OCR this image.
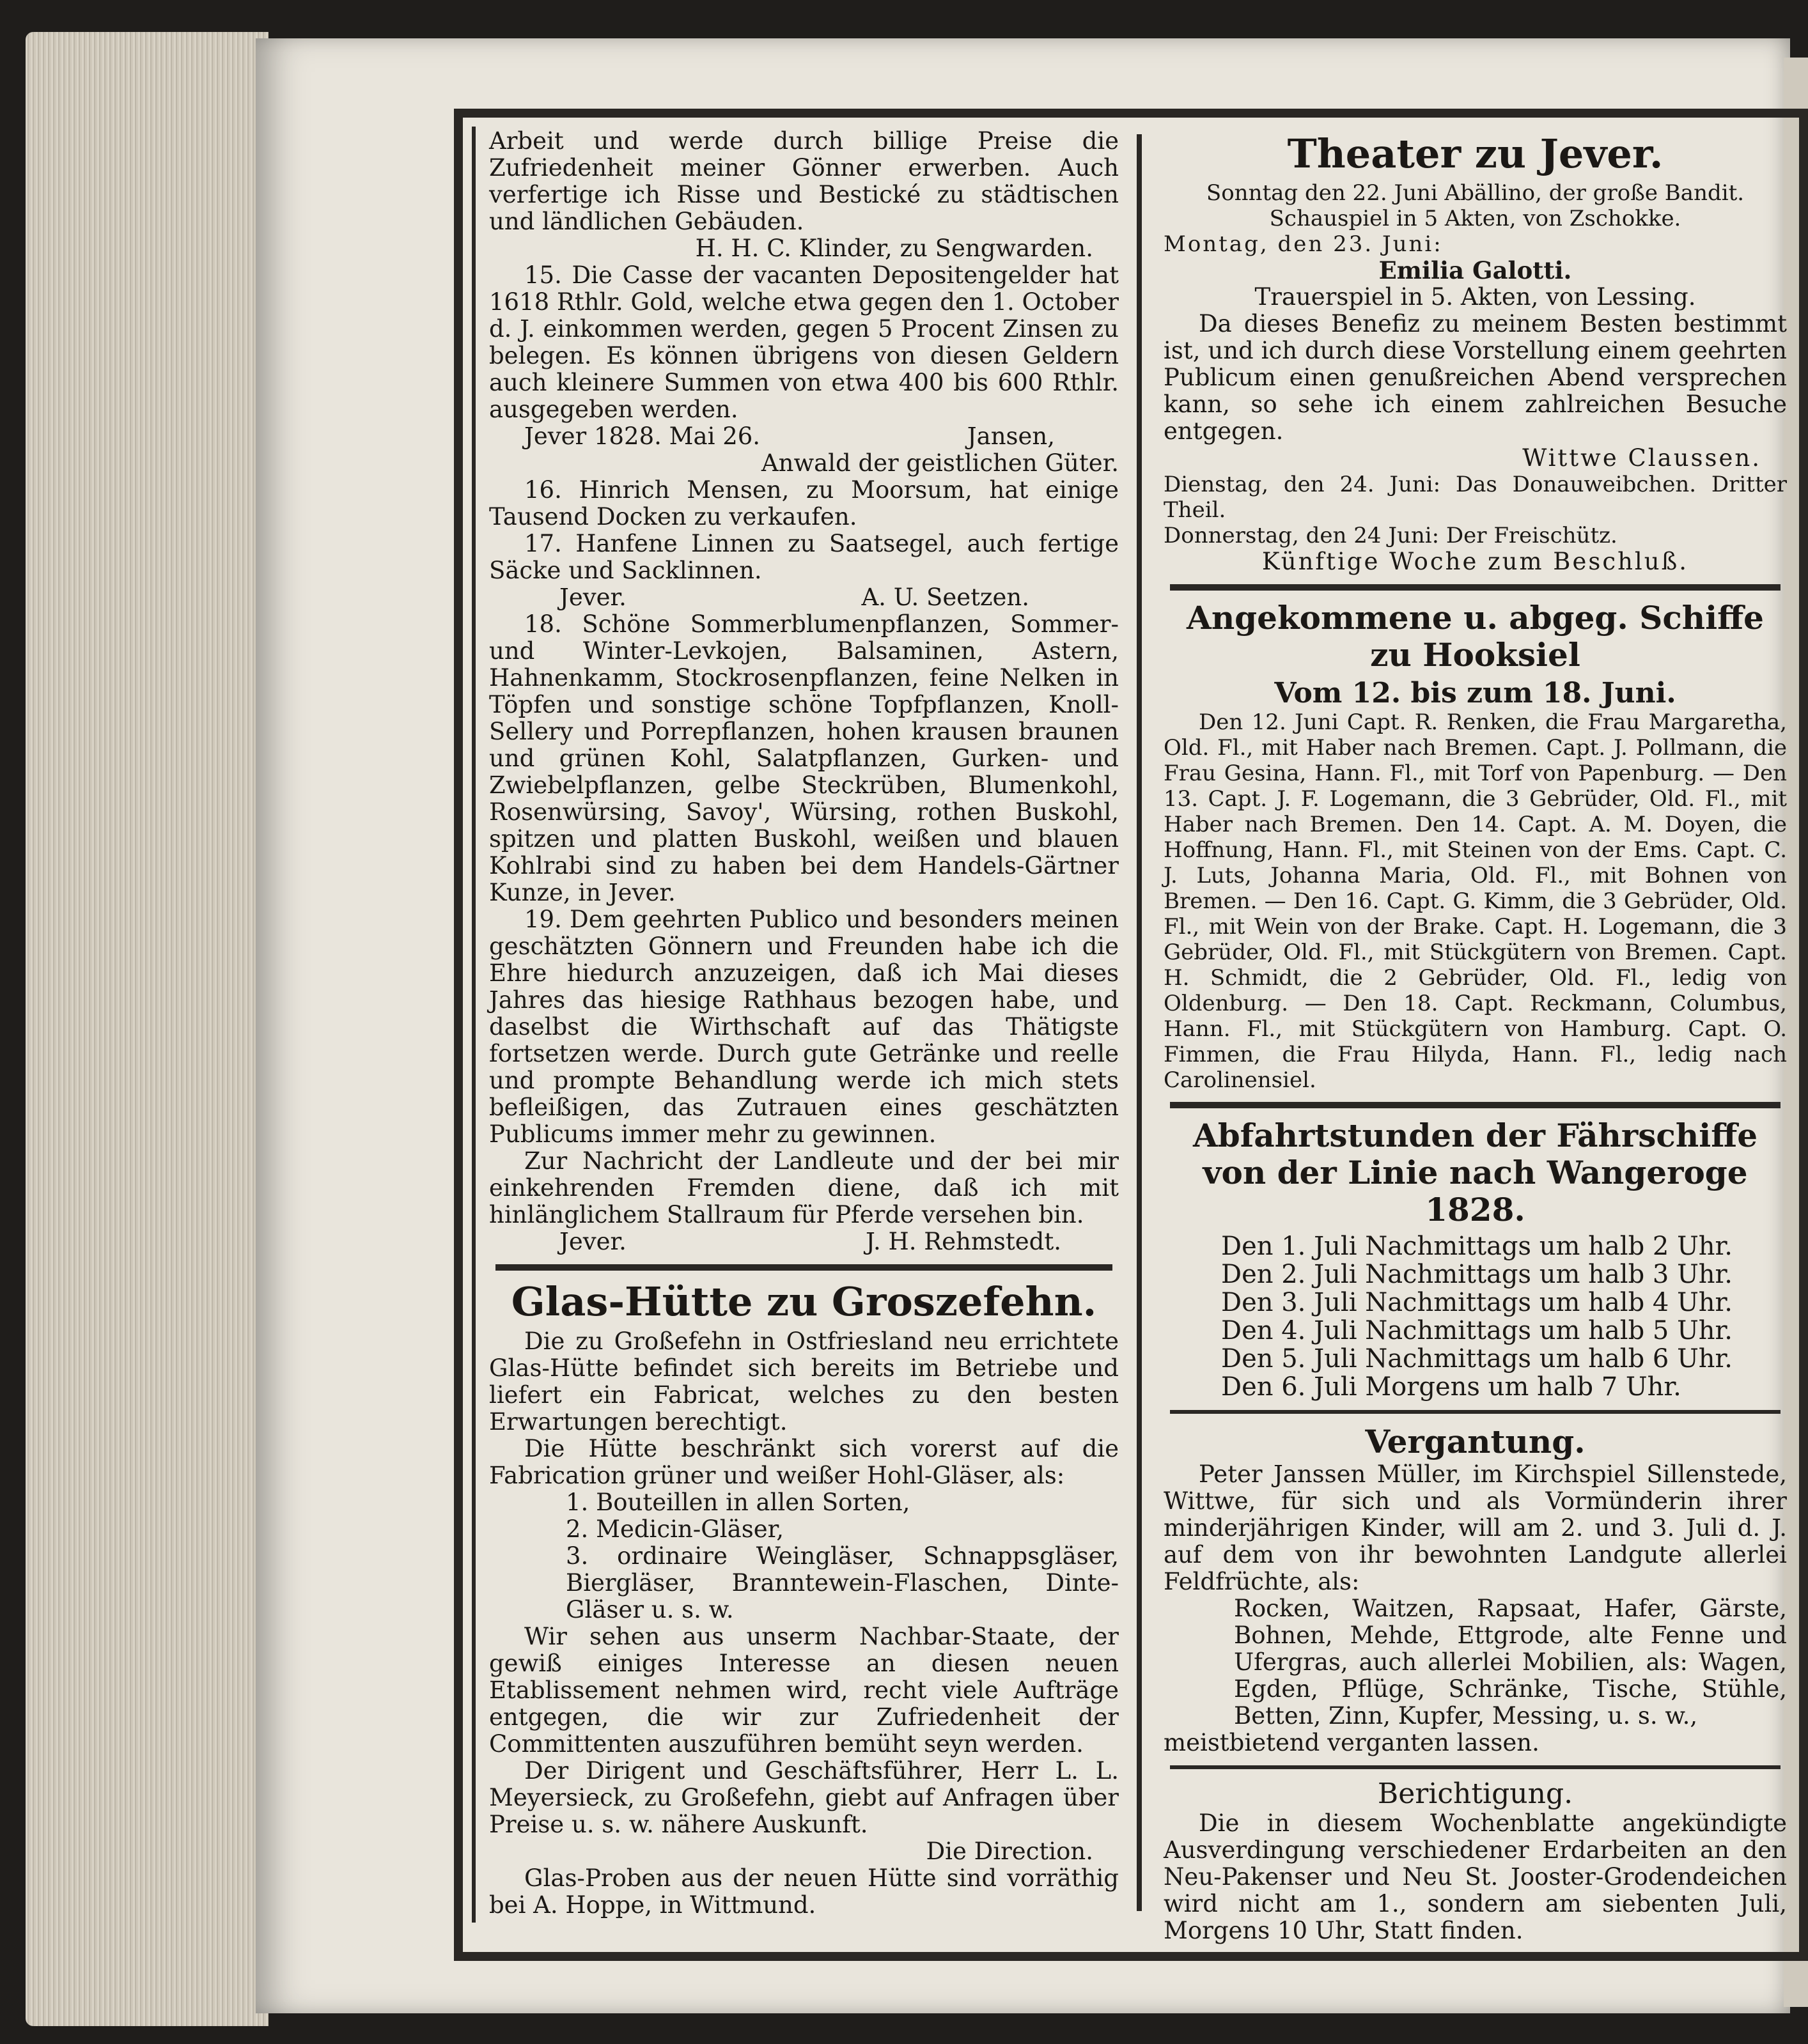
Arbeit und werde durch billige Preise die Zufriedenheit meiner Gönner erwerben. Auch verfertige ich Risse und Bestické zu städtischen und ländlichen Gebäuden.

H. H. C. Klinder, zu Sengwarden.

15. Die Casse der vacanten Depositengelder hat 1618 Rthlr. Gold, welche etwa gegen den 1. October d. J. einkommen werden, gegen 5 Procent Zinsen zu belegen. Es können übrigens von diesen Geldern auch kleinere Summen von etwa 400 bis 600 Rthlr. ausgegeben werden.

Jever 1828. Mai 26.	Jansen,

Anwald der geistlichen Güter.

16. Hinrich Mensen, zu Moorsum, hat einige Tausend Docken zu verkaufen.

17. Hanfene Linnen zu Saatsegel, auch fertige Säcke und Sacklinnen.

Jever.	A. U. Seetzen.

18. Schöne Sommerblumenpflanzen, Sommer- und Winter-Levkojen, Balsaminen, Astern, Hahnenkamm, Stockrosenpflanzen, feine Nelken in Töpfen und sonstige schöne Topfpflanzen, Knoll-Sellery und Porrepflanzen, hohen krausen braunen und grünen Kohl, Salatpflanzen, Gurken- und Zwiebelpflanzen, gelbe Steckrüben, Blumenkohl, Rosenwürsing, Savoy', Würsing, rothen Buskohl, spitzen und platten Buskohl, weißen und blauen Kohlrabi sind zu haben bei dem Handels-Gärtner Kunze, in Jever.

19. Dem geehrten Publico und besonders meinen geschätzten Gönnern und Freunden habe ich die Ehre hiedurch anzuzeigen, daß ich Mai dieses Jahres das hiesige Rathhaus bezogen habe, und daselbst die Wirthschaft auf das Thätigste fortsetzen werde. Durch gute Getränke und reelle und prompte Behandlung werde ich mich stets befleißigen, das Zutrauen eines geschätzten Publicums immer mehr zu gewinnen.

Zur Nachricht der Landleute und der bei mir einkehrenden Fremden diene, daß ich mit hinlänglichem Stallraum für Pferde versehen bin.

Jever.	J. H. Rehmstedt.
Glas-Hütte zu Groszefehn.

Die zu Großefehn in Ostfriesland neu errichtete Glas-Hütte befindet sich bereits im Betriebe und liefert ein Fabricat, welches zu den besten Erwartungen berechtigt.

Die Hütte beschränkt sich vorerst auf die Fabrication grüner und weißer Hohl-Gläser, als:

1. Bouteillen in allen Sorten,
2. Medicin-Gläser,
3. ordinaire Weingläser, Schnappsgläser, Biergläser, Branntewein-Flaschen, Dinte-Gläser u. s. w.

Wir sehen aus unserm Nachbar-Staate, der gewiß einiges Interesse an diesen neuen Etablissement nehmen wird, recht viele Aufträge entgegen, die wir zur Zufriedenheit der Committenten auszuführen bemüht seyn werden.

Der Dirigent und Geschäftsführer, Herr L. L. Meyersieck, zu Großefehn, giebt auf Anfragen über Preise u. s. w. nähere Auskunft.

Die Direction.

Glas-Proben aus der neuen Hütte sind vorräthig bei A. Hoppe, in Wittmund.

Theater zu Jever.

Sonntag den 22. Juni Abällino, der große Bandit. Schauspiel in 5 Akten, von Zschokke.

Montag, den 23. Juni:

Emilia Galotti.

Trauerspiel in 5. Akten, von Lessing.

Da dieses Benefiz zu meinem Besten bestimmt ist, und ich durch diese Vorstellung einem geehrten Publicum einen genußreichen Abend versprechen kann, so sehe ich einem zahlreichen Besuche entgegen.

Wittwe Claussen.

Dienstag, den 24. Juni: Das Donauweibchen. Dritter Theil.

Donnerstag, den 24 Juni: Der Freischütz.

Künftige Woche zum Beschluß.

Angekommene u. abgeg. Schiffe zu Hooksiel
Vom 12. bis zum 18. Juni.

Den 12. Juni Capt. R. Renken, die Frau Margaretha, Old. Fl., mit Haber nach Bremen. Capt. J. Pollmann, die Frau Gesina, Hann. Fl., mit Torf von Papenburg. — Den 13. Capt. J. F. Logemann, die 3 Gebrüder, Old. Fl., mit Haber nach Bremen. Den 14. Capt. A. M. Doyen, die Hoffnung, Hann. Fl., mit Steinen von der Ems. Capt. C. J. Luts, Johanna Maria, Old. Fl., mit Bohnen von Bremen. — Den 16. Capt. G. Kimm, die 3 Gebrüder, Old. Fl., mit Wein von der Brake. Capt. H. Logemann, die 3 Gebrüder, Old. Fl., mit Stückgütern von Bremen. Capt. H. Schmidt, die 2 Gebrüder, Old. Fl., ledig von Oldenburg. — Den 18. Capt. Reckmann, Columbus, Hann. Fl., mit Stückgütern von Hamburg. Capt. O. Fimmen, die Frau Hilyda, Hann. Fl., ledig nach Carolinensiel.

Abfahrtstunden der Fährschiffe von der Linie nach Wangeroge 1828.
Den 1. Juli Nachmittags um halb 2 Uhr.
Den 2. Juli Nachmittags um halb 3 Uhr.
Den 3. Juli Nachmittags um halb 4 Uhr.
Den 4. Juli Nachmittags um halb 5 Uhr.
Den 5. Juli Nachmittags um halb 6 Uhr.
Den 6. Juli Morgens um halb 7 Uhr.
Vergantung.

Peter Janssen Müller, im Kirchspiel Sillenstede, Wittwe, für sich und als Vormünderin ihrer minderjährigen Kinder, will am 2. und 3. Juli d. J. auf dem von ihr bewohnten Landgute allerlei Feldfrüchte, als:

Rocken, Waitzen, Rapsaat, Hafer, Gärste, Bohnen, Mehde, Ettgrode, alte Fenne und Ufergras, auch allerlei Mobilien, als: Wagen, Egden, Pflüge, Schränke, Tische, Stühle, Betten, Zinn, Kupfer, Messing, u. s. w.,

meistbietend verganten lassen.

Berichtigung.

Die in diesem Wochenblatte angekündigte Ausverdingung verschiedener Erdarbeiten an den Neu-Pakenser und Neu St. Jooster-Grodendeichen wird nicht am 1., sondern am siebenten Juli, Morgens 10 Uhr, Statt finden.
